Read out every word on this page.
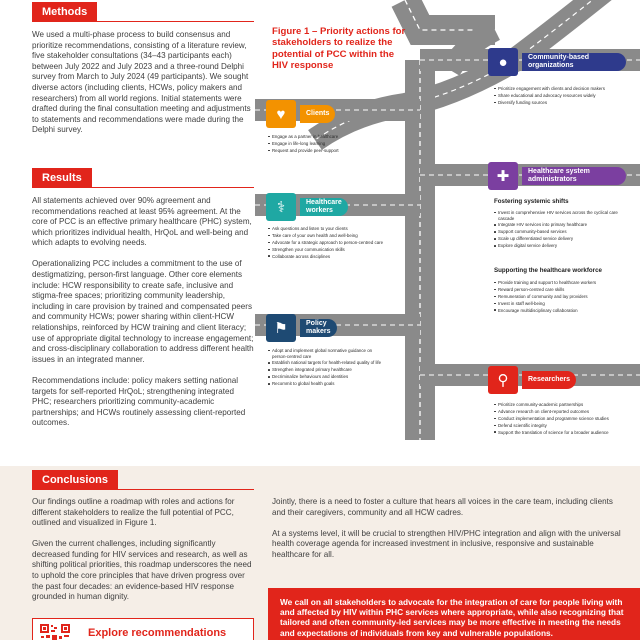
Methods

We used a multi-phase process to build consensus and prioritize recommendations, consisting of a literature review, five stakeholder consultations (34–43 participants each) between July 2022 and July 2023 and a three-round Delphi survey from March to July 2024 (49 participants). We sought diverse actors (including clients, HCWs, policy makers and researchers) from all world regions. Initial statements were drafted during the final consultation meeting and adjustments to statements and recommendations were made during the Delphi survey.

Results

All statements achieved over 90% agreement and recommendations reached at least 95% agreement. At the core of PCC is an effective primary healthcare (PHC) system, which prioritizes individual health, HrQoL and well-being and which adapts to evolving needs.

Operationalizing PCC includes a commitment to the use of destigmatizing, person-first language. Other core elements include: HCW responsibility to create safe, inclusive and stigma-free spaces; prioritizing community leadership, including in care provision by trained and compensated peers and community HCWs; power sharing within client-HCW relationships, reinforced by HCW training and client literacy; use of appropriate digital technology to increase engagement; and cross-disciplinary collaboration to address different health issues in an integrated manner.

Recommendations include: policy makers setting national targets for self-reported HrQoL; strengthening integrated PHC; researchers prioritizing community-academic partnerships; and HCWs routinely assessing client-reported outcomes.

Figure 1 – Priority actions for stakeholders to realize the potential of PCC within the HIV response
♥	Clients
Engage as a partner in healthcare
Engage in life-long learning
Request and provide peer-support
⚕	Healthcare workers
Ask questions and listen to your clients
Take care of your own health and well-being
Advocate for a strategic approach to person-centred care
Strengthen your communication skills
Collaborate across disciplines
⚑	Policy makers
Adopt and implement global normative guidance on person-centred care
Establish national targets for health-related quality of life
Strengthen integrated primary healthcare
Decriminalize behaviours and identities
Recommit to global health goals
●	Community-based organizations
Prioritize engagement with clients and decision makers
Share educational and advocacy resources widely
Diversify funding sources
✚	Healthcare system administrators
Fostering systemic shifts
Invest in comprehensive HIV services across the cyclical care cascade
Integrate HIV services into primary healthcare
Support community-based services
Scale up differentiated service delivery
Explore digital service delivery
Supporting the healthcare workforce
Provide training and support to healthcare workers
Reward person-centred care skills
Remuneration of community and lay providers
Invest in staff well-being
Encourage multidisciplinary collaboration
⚲	Researchers
Prioritize community-academic partnerships
Advance research on client-reported outcomes
Conduct implementation and programme science studies
Defend scientific integrity
Support the translation of science for a broader audience
Conclusions

Our findings outline a roadmap with roles and actions for different stakeholders to realize the full potential of PCC, outlined and visualized in Figure 1.

Given the current challenges, including significantly decreased funding for HIV services and research, as well as shifting political priorities, this roadmap underscores the need to uphold the core principles that have driven progress over the past four decades: an evidence-based HIV response grounded in human dignity.

Jointly, there is a need to foster a culture that hears all voices in the care team, including clients and their caregivers, community and all HCW cadres.

At a systems level, it will be crucial to strengthen HIV/PHC integration and align with the universal health coverage agenda for increased investment in inclusive, responsive and sustainable healthcare for all.

We call on all stakeholders to advocate for the integration of care for people living with and affected by HIV within PHC services where appropriate, while also recognizing that tailored and often community-led services may be more effective in meeting the needs and expectations of individuals from key and vulnerable populations.
Explore recommendations
